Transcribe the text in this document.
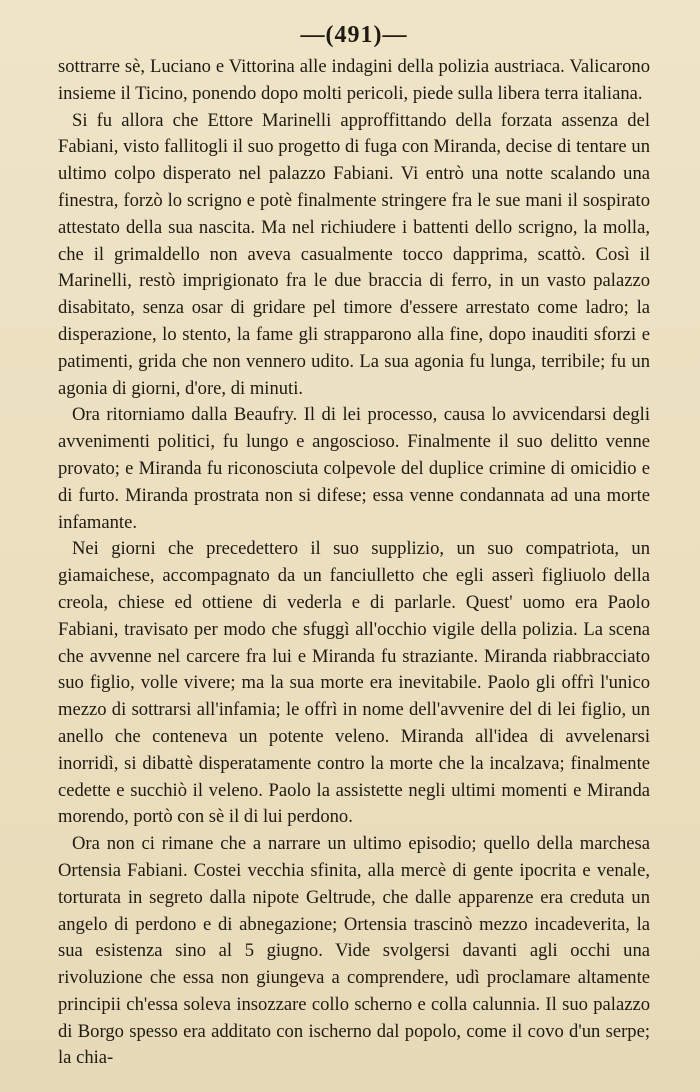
—(491)—

sottrarre sè, Luciano e Vittorina alle indagini della polizia austriaca. Valicarono insieme il Ticino, ponendo dopo molti pericoli, piede sulla libera terra italiana.

Si fu allora che Ettore Marinelli approffittando della forzata assenza del Fabiani, visto fallitogli il suo progetto di fuga con Miranda, decise di tentare un ultimo colpo disperato nel palazzo Fabiani. Vi entrò una notte scalando una finestra, forzò lo scrigno e potè finalmente stringere fra le sue mani il sospirato attestato della sua nascita. Ma nel richiudere i battenti dello scrigno, la molla, che il grimaldello non aveva casualmente tocco dapprima, scattò. Così il Marinelli, restò imprigionato fra le due braccia di ferro, in un vasto palazzo disabitato, senza osar di gridare pel timore d'essere arrestato come ladro; la disperazione, lo stento, la fame gli strapparono alla fine, dopo inauditi sforzi e patimenti, grida che non vennero udito. La sua agonia fu lunga, terribile; fu un agonia di giorni, d'ore, di minuti.

Ora ritorniamo dalla Beaufry. Il di lei processo, causa lo avvicendarsi degli avvenimenti politici, fu lungo e angoscioso. Finalmente il suo delitto venne provato; e Miranda fu riconosciuta colpevole del duplice crimine di omicidio e di furto. Miranda prostrata non si difese; essa venne condannata ad una morte infamante.

Nei giorni che precedettero il suo supplizio, un suo compatriota, un giamaichese, accompagnato da un fanciulletto che egli asserì figliuolo della creola, chiese ed ottiene di vederla e di parlarle. Quest' uomo era Paolo Fabiani, travisato per modo che sfuggì all'occhio vigile della polizia. La scena che avvenne nel carcere fra lui e Miranda fu straziante. Miranda riabbracciato suo figlio, volle vivere; ma la sua morte era inevitabile. Paolo gli offrì l'unico mezzo di sottrarsi all'infamia; le offrì in nome dell'avvenire del di lei figlio, un anello che conteneva un potente veleno. Miranda all'idea di avvelenarsi inorridì, si dibattè disperatamente contro la morte che la incalzava; finalmente cedette e succhiò il veleno. Paolo la assistette negli ultimi momenti e Miranda morendo, portò con sè il di lui perdono.

Ora non ci rimane che a narrare un ultimo episodio; quello della marchesa Ortensia Fabiani. Costei vecchia sfinita, alla mercè di gente ipocrita e venale, torturata in segreto dalla nipote Geltrude, che dalle apparenze era creduta un angelo di perdono e di abnegazione; Ortensia trascinò mezzo incadeverita, la sua esistenza sino al 5 giugno. Vide svolgersi davanti agli occhi una rivoluzione che essa non giungeva a comprendere, udì proclamare altamente principii ch'essa soleva insozzare collo scherno e colla calunnia. Il suo palazzo di Borgo spesso era additato con ischerno dal popolo, come il covo d'un serpe; la chia-
